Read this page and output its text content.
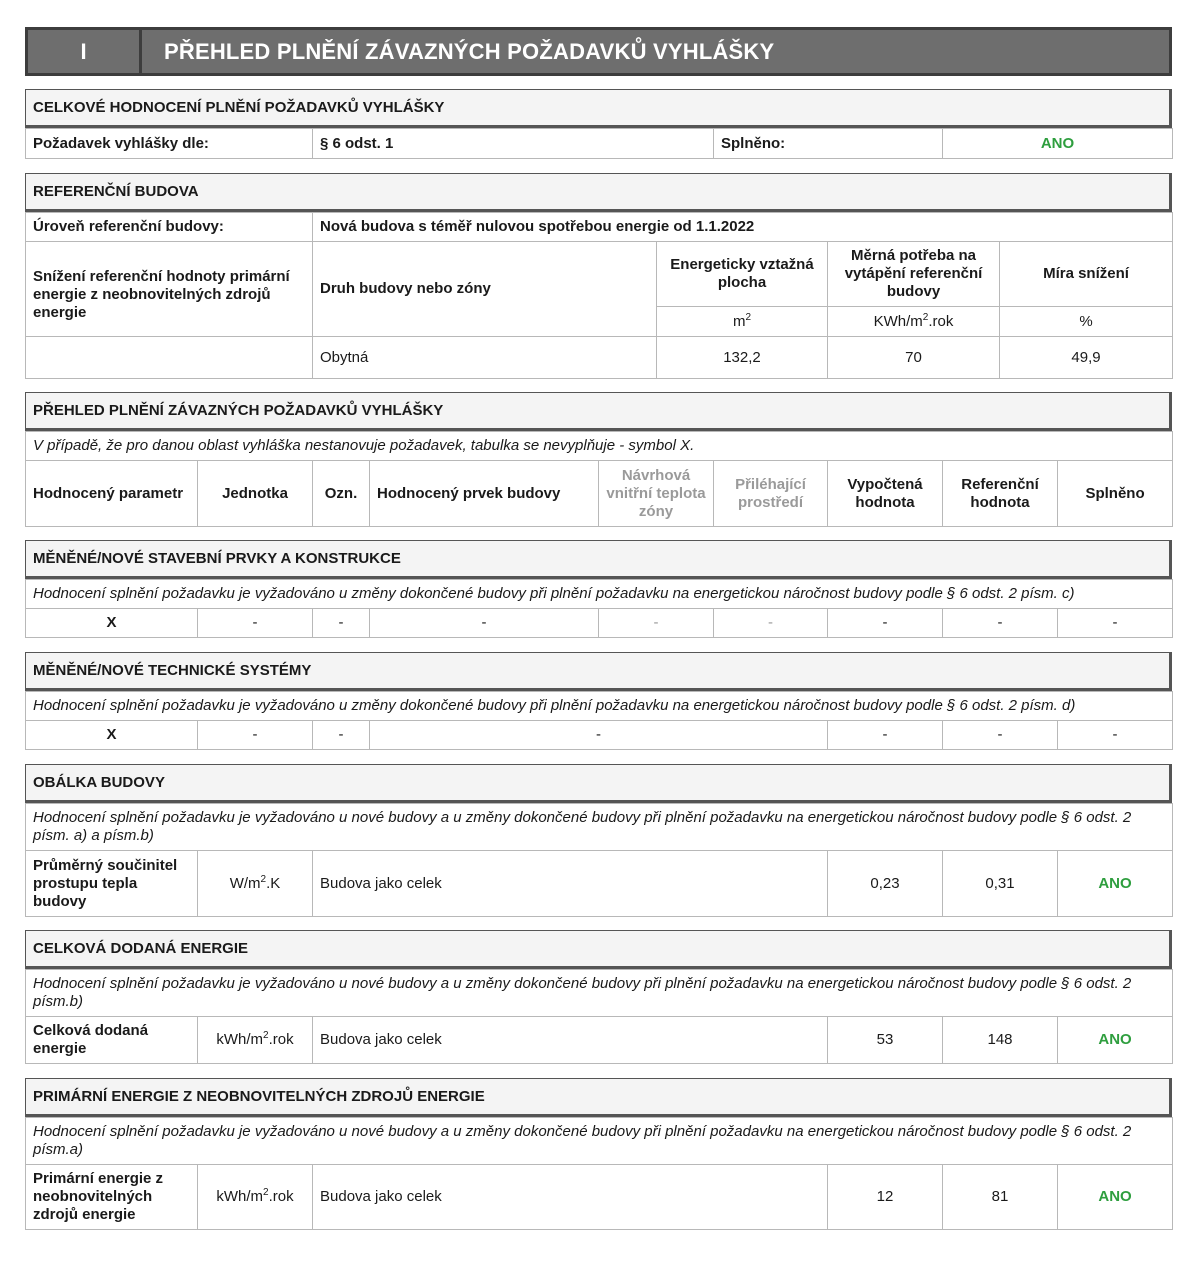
I	PŘEHLED PLNĚNÍ ZÁVAZNÝCH POŽADAVKŮ VYHLÁŠKY
CELKOVÉ HODNOCENÍ PLNĚNÍ POŽADAVKŮ VYHLÁŠKY
Požadavek vyhlášky dle:	§ 6 odst. 1	Splněno:	ANO
REFERENČNÍ BUDOVA
Úroveň referenční budovy:	Nová budova s téměř nulovou spotřebou energie od 1.1.2022			
Snížení referenční hodnoty primární energie z neobnovitelných zdrojů energie	Druh budovy nebo zóny	Energeticky vztažná plocha	Měrná potřeba na vytápění referenční budovy	Míra snížení
		$m^2$	KWh/$m^2.rok$	%
	Obytná	132,2	70	49,9
PŘEHLED PLNĚNÍ ZÁVAZNÝCH POŽADAVKŮ VYHLÁŠKY
V případě, že pro danou oblast vyhláška nestanovuje požadavek, tabulka se nevyplňuje - symbol X.
Hodnocený parametr	Jednotka	Ozn.	Hodnocený prvek budovy	Návrhová vnitřní teplota zóny	Přiléhající prostředí	Vypočtená hodnota	Referenční hodnota	Splněno
MĚNĚNÉ/NOVÉ STAVEBNÍ PRVKY A KONSTRUKCE
Hodnocení splnění požadavku je vyžadováno u změny dokončené budovy při plnění požadavku na energetickou náročnost budovy podle § 6 odst. 2 písm. c)
X	-	-	-	-	-	-	-	-
MĚNĚNÉ/NOVÉ TECHNICKÉ SYSTÉMY
Hodnocení splnění požadavku je vyžadováno u změny dokončené budovy při plnění požadavku na energetickou náročnost budovy podle § 6 odst. 2 písm. d)
X	-	-	-	-	-	-
OBÁLKA BUDOVY
Hodnocení splnění požadavku je vyžadováno u nové budovy a u změny dokončené budovy při plnění požadavku na energetickou náročnost budovy podle § 6 odst. 2 písm. a) a písm.b)
Průměrný součinitel prostupu tepla budovy	$W/m^2.K$	Budova jako celek	0,23	0,31	ANO
CELKOVÁ DODANÁ ENERGIE
Hodnocení splnění požadavku je vyžadováno u nové budovy a u změny dokončené budovy při plnění požadavku na energetickou náročnost budovy podle § 6 odst. 2 písm.b)
Celková dodaná energie	kWh/$m^2.rok$	Budova jako celek	53	148	ANO
PRIMÁRNÍ ENERGIE Z NEOBNOVITELNÝCH ZDROJŮ ENERGIE
Hodnocení splnění požadavku je vyžadováno u nové budovy a u změny dokončené budovy při plnění požadavku na energetickou náročnost budovy podle § 6 odst. 2 písm.a)
Primární energie z neobnovitelných zdrojů energie	kWh/$m^2.rok$	Budova jako celek	12	81	ANO
